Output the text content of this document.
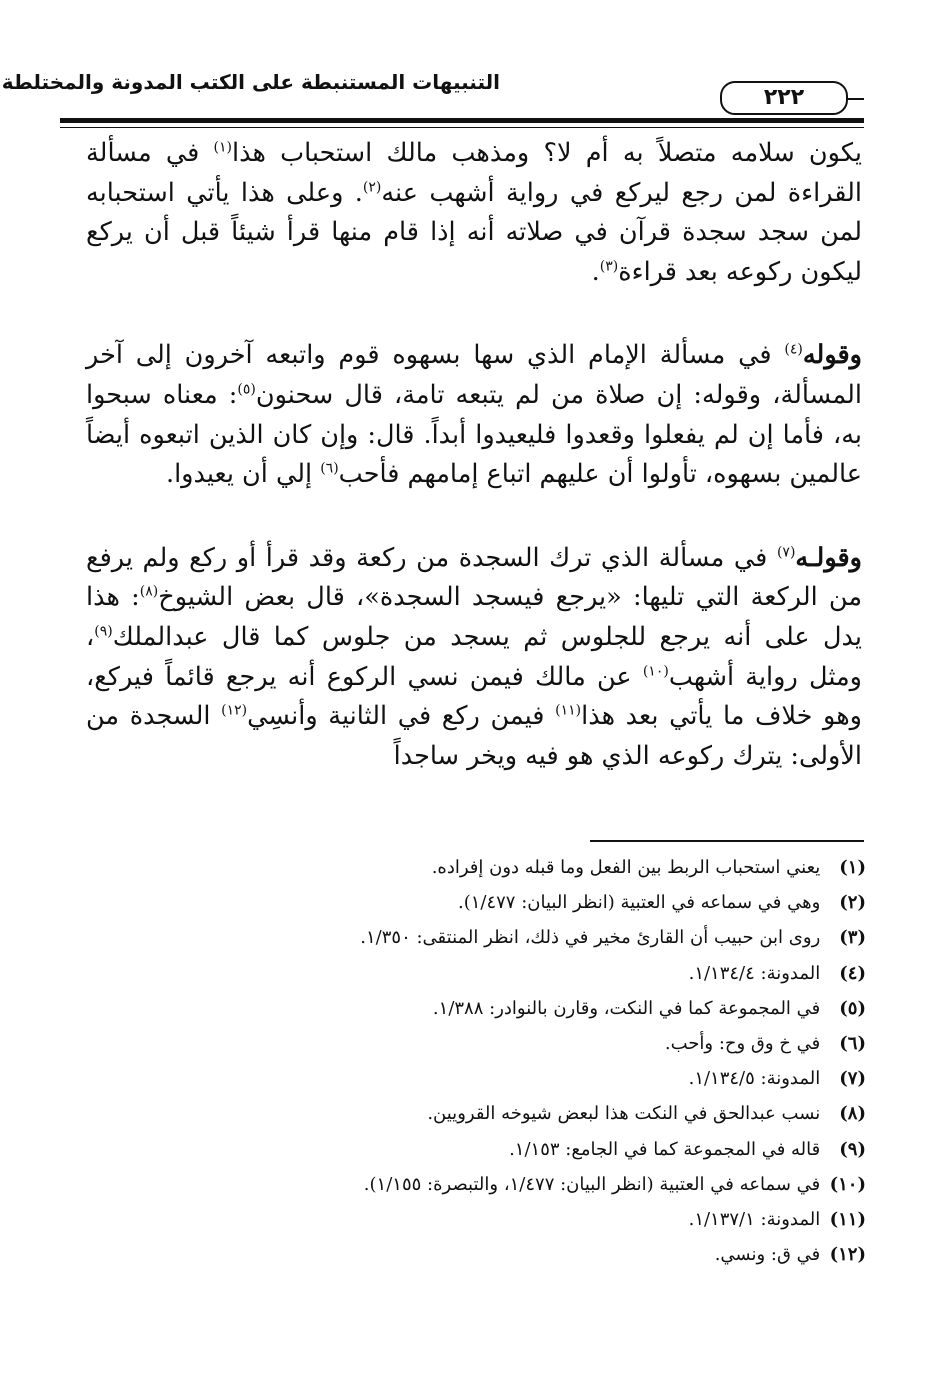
التنبيهات المستنبطة على الكتب المدونة والمختلطة
٢٢٢

يكون سلامه متصلاً به أم لا؟ ومذهب مالك استحباب هذا$^{(١)}$ في مسألة القراءة لمن رجع ليركع في رواية أشهب عنه$^{(٢)}$. وعلى هذا يأتي استحبابه لمن سجد سجدة قرآن في صلاته أنه إذا قام منها قرأ شيئاً قبل أن يركع ليكون ركوعه بعد قراءة$^{(٣)}$.

وقوله$^{(٤)}$ في مسألة الإمام الذي سها بسهوه قوم واتبعه آخرون إلى آخر المسألة، وقوله: إن صلاة من لم يتبعه تامة، قال سحنون$^{(٥)}$: معناه سبحوا به، فأما إن لم يفعلوا وقعدوا فليعيدوا أبداً. قال: وإن كان الذين اتبعوه أيضاً عالمين بسهوه، تأولوا أن عليهم اتباع إمامهم فأحب$^{(٦)}$ إلي أن يعيدوا.

وقولـه$^{(٧)}$ في مسألة الذي ترك السجدة من ركعة وقد قرأ أو ركع ولم يرفع من الركعة التي تليها: «يرجع فيسجد السجدة»، قال بعض الشيوخ$^{(٨)}$: هذا يدل على أنه يرجع للجلوس ثم يسجد من جلوس كما قال عبدالملك$^{(٩)}$، ومثل رواية أشهب$^{(١٠)}$ عن مالك فيمن نسي الركوع أنه يرجع قائماً فيركع، وهو خلاف ما يأتي بعد هذا$^{(١١)}$ فيمن ركع في الثانية وأنسِي$^{(١٢)}$ السجدة من الأولى: يترك ركوعه الذي هو فيه ويخر ساجداً

(١) يعني استحباب الربط بين الفعل وما قبله دون إفراده.

(٢) وهي في سماعه في العتبية (انظر البيان: ١/٤٧٧).

(٣) روى ابن حبيب أن القارئ مخير في ذلك، انظر المنتقى: ١/٣٥٠.

(٤) المدونة: ١/١٣٤/٤.

(٥) في المجموعة كما في النكت، وقارن بالنوادر: ١/٣٨٨.

(٦) في خ وق وح: وأحب.

(٧) المدونة: ١/١٣٤/٥.

(٨) نسب عبدالحق في النكت هذا لبعض شيوخه القرويين.

(٩) قاله في المجموعة كما في الجامع: ١/١٥٣.

(١٠) في سماعه في العتبية (انظر البيان: ١/٤٧٧، والتبصرة: ١/١٥٥).

(١١) المدونة: ١/١٣٧/١.

(١٢) في ق: ونسي.
